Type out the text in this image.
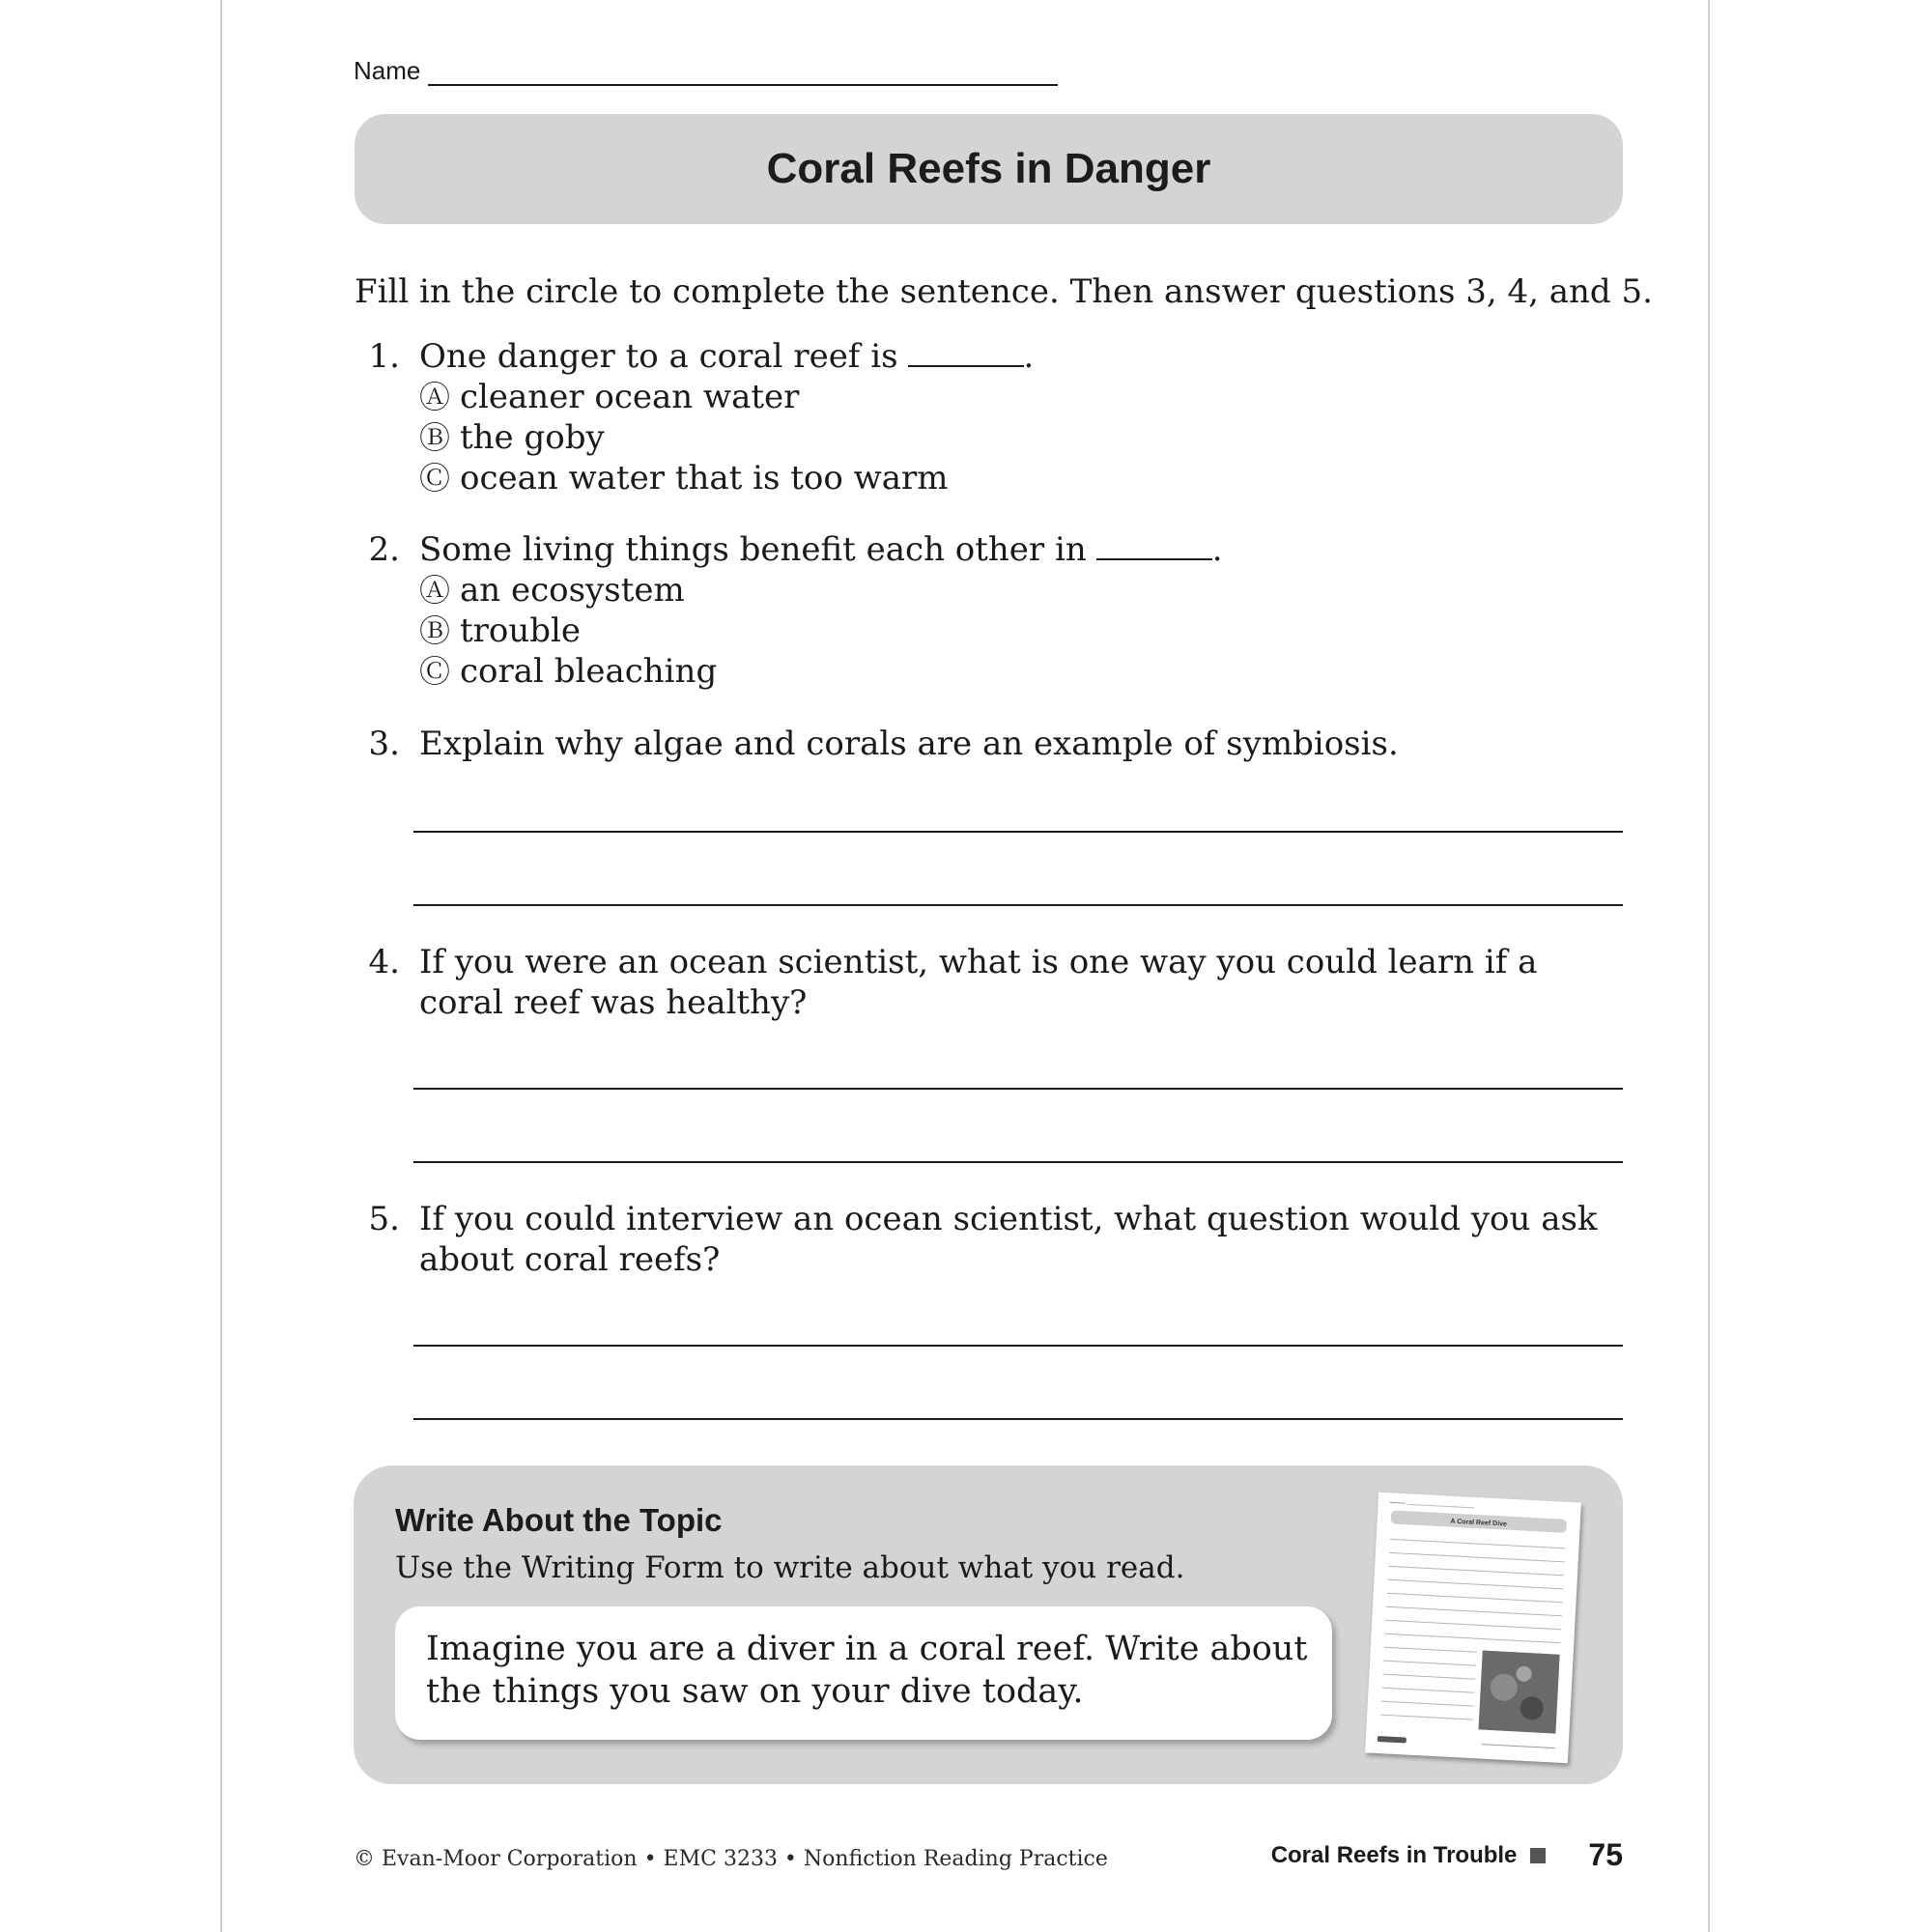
Name
Coral Reefs in Danger

Fill in the circle to complete the sentence. Then answer questions 3, 4, and 5.

1. One danger to a coral reef is	.
Ⓐ cleaner ocean water
Ⓑ the goby
Ⓒ ocean water that is too warm
2. Some living things benefit each other in	.
Ⓐ an ecosystem
Ⓑ trouble
Ⓒ coral bleaching
3. Explain why algae and corals are an example of symbiosis.
4. If you were an ocean scientist, what is one way you could learn if a coral reef was healthy?
5. If you could interview an ocean scientist, what question would you ask about coral reefs?
Write About the Topic

Use the Writing Form to write about what you read.

Imagine you are a diver in a coral reef. Write about the things you saw on your dive today.

A Coral Reef Dive
© Evan-Moor Corporation • EMC 3233 • Nonfiction Reading Practice	Coral Reefs in Trouble 75
